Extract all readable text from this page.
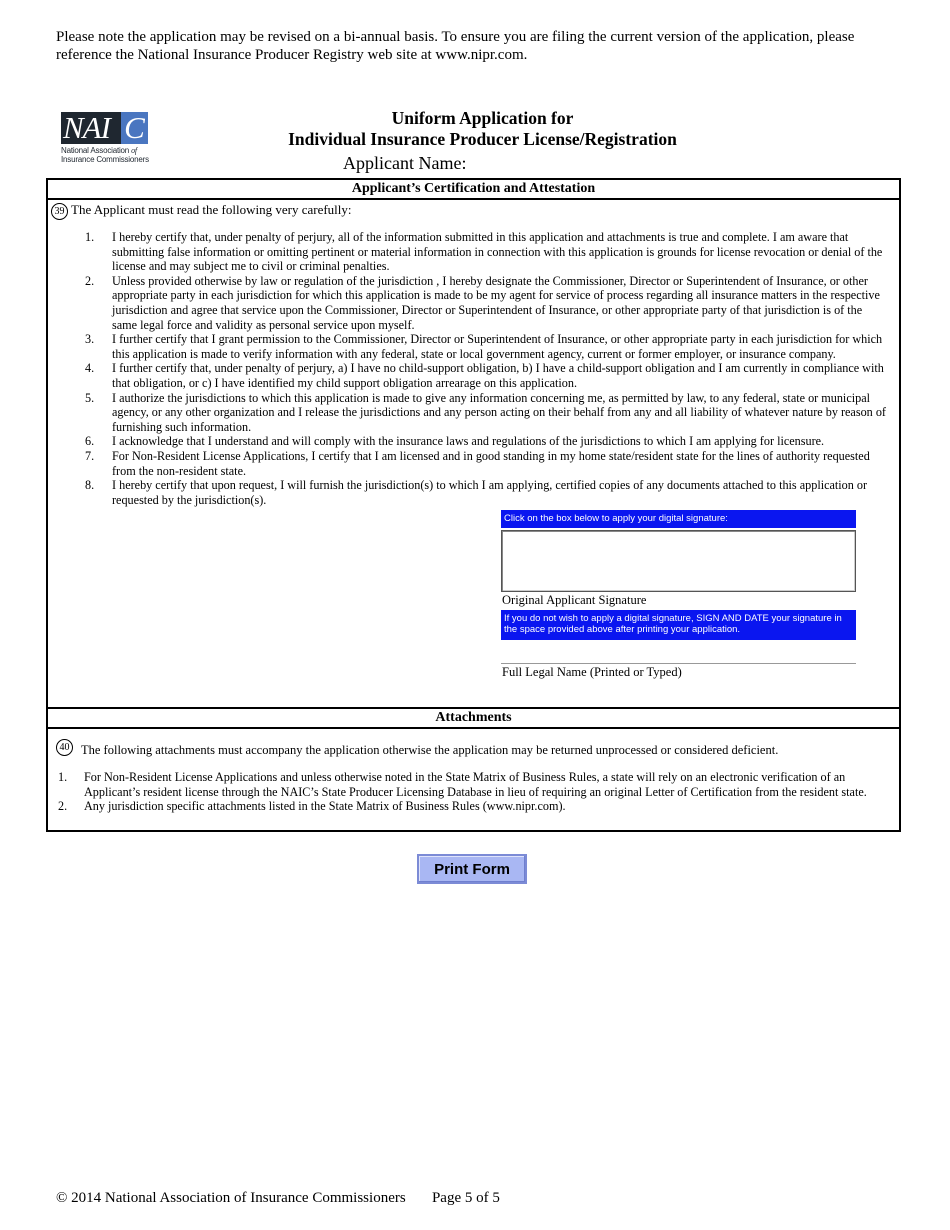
Please note the application may be revised on a bi-annual basis. To ensure you are filing the current version of the application, please reference the National Insurance Producer Registry web site at www.nipr.com.
NAI C
National Association of
Insurance Commissioners
Uniform Application for
Individual Insurance Producer License/Registration
Applicant Name:
Applicant’s Certification and Attestation
39 The Applicant must read the following very carefully:
1. I hereby certify that, under penalty of perjury, all of the information submitted in this application and attachments is true and complete. I am aware that submitting false information or omitting pertinent or material information in connection with this application is grounds for license revocation or denial of the license and may subject me to civil or criminal penalties.
2. Unless provided otherwise by law or regulation of the jurisdiction , I hereby designate the Commissioner, Director or Superintendent of Insurance, or other appropriate party in each jurisdiction for which this application is made to be my agent for service of process regarding all insurance matters in the respective jurisdiction and agree that service upon the Commissioner, Director or Superintendent of Insurance, or other appropriate party of that jurisdiction is of the same legal force and validity as personal service upon myself.
3. I further certify that I grant permission to the Commissioner, Director or Superintendent of Insurance, or other appropriate party in each jurisdiction for which this application is made to verify information with any federal, state or local government agency, current or former employer, or insurance company.
4. I further certify that, under penalty of perjury, a) I have no child-support obligation, b) I have a child-support obligation and I am currently in compliance with that obligation, or c) I have identified my child support obligation arrearage on this application.
5. I authorize the jurisdictions to which this application is made to give any information concerning me, as permitted by law, to any federal, state or municipal agency, or any other organization and I release the jurisdictions and any person acting on their behalf from any and all liability of whatever nature by reason of furnishing such information.
6. I acknowledge that I understand and will comply with the insurance laws and regulations of the jurisdictions to which I am applying for licensure.
7. For Non-Resident License Applications, I certify that I am licensed and in good standing in my home state/resident state for the lines of authority requested from the non-resident state.
8. I hereby certify that upon request, I will furnish the jurisdiction(s) to which I am applying, certified copies of any documents attached to this application or requested by the jurisdiction(s).
Click on the box below to apply your digital signature:
Original Applicant Signature
If you do not wish to apply a digital signature, SIGN AND DATE your signature in the space provided above after printing your application.
Full Legal Name (Printed or Typed)
Attachments
40 The following attachments must accompany the application otherwise the application may be returned unprocessed or considered deficient.
1. For Non-Resident License Applications and unless otherwise noted in the State Matrix of Business Rules, a state will rely on an electronic verification of an Applicant’s resident license through the NAIC’s State Producer Licensing Database in lieu of requiring an original Letter of Certification from the resident state.
2. Any jurisdiction specific attachments listed in the State Matrix of Business Rules (www.nipr.com).
Print Form
© 2014 National Association of Insurance Commissioners Page 5 of 5
